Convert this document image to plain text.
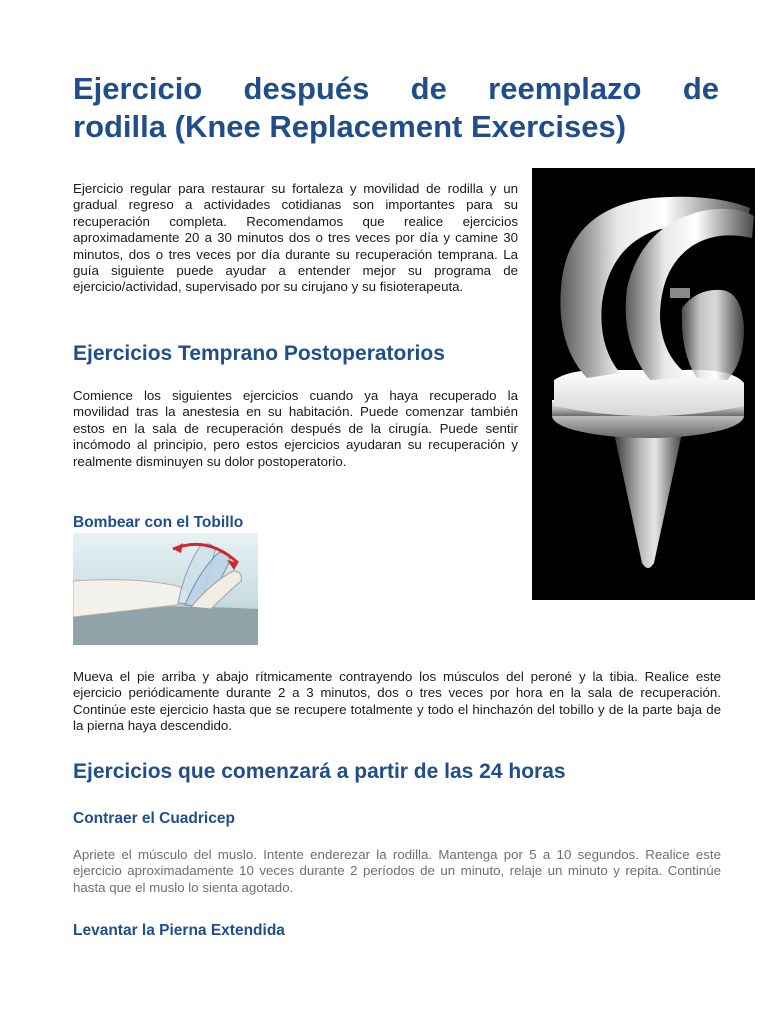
Ejercicio después de reemplazo de
rodilla (Knee Replacement Exercises)

Ejercicio regular para restaurar su fortaleza y movilidad de rodilla y un gradual regreso a actividades cotidianas son importantes para su recuperación completa. Recomendamos que realice ejercicios aproximadamente 20 a 30 minutos dos o tres veces por día y camine 30 minutos, dos o tres veces por día durante su recuperación temprana. La guía siguiente puede ayudar a entender mejor su programa de ejercicio/actividad, supervisado por su cirujano y su fisioterapeuta.

Ejercicios Temprano Postoperatorios

Comience los siguientes ejercicios cuando ya haya recuperado la movilidad tras la anestesia en su habitación. Puede comenzar también estos en la sala de recuperación después de la cirugía. Puede sentir incómodo al principio, pero estos ejercicios ayudaran su recuperación y realmente disminuyen su dolor postoperatorio.

Bombear con el Tobillo

Mueva el pie arriba y abajo rítmicamente contrayendo los músculos del peroné y la tibia. Realice este ejercicio periódicamente durante 2 a 3 minutos, dos o tres veces por hora en la sala de recuperación. Continúe este ejercicio hasta que se recupere totalmente y todo el hinchazón del tobillo y de la parte baja de la pierna haya descendido.

Ejercicios que comenzará a partir de las 24 horas
Contraer el Cuadricep

Apriete el músculo del muslo. Intente enderezar la rodilla. Mantenga por 5 a 10 segundos. Realice este ejercicio aproximadamente 10 veces durante 2 períodos de un minuto, relaje un minuto y repita. Continúe hasta que el muslo lo sienta agotado.

Levantar la Pierna Extendida
